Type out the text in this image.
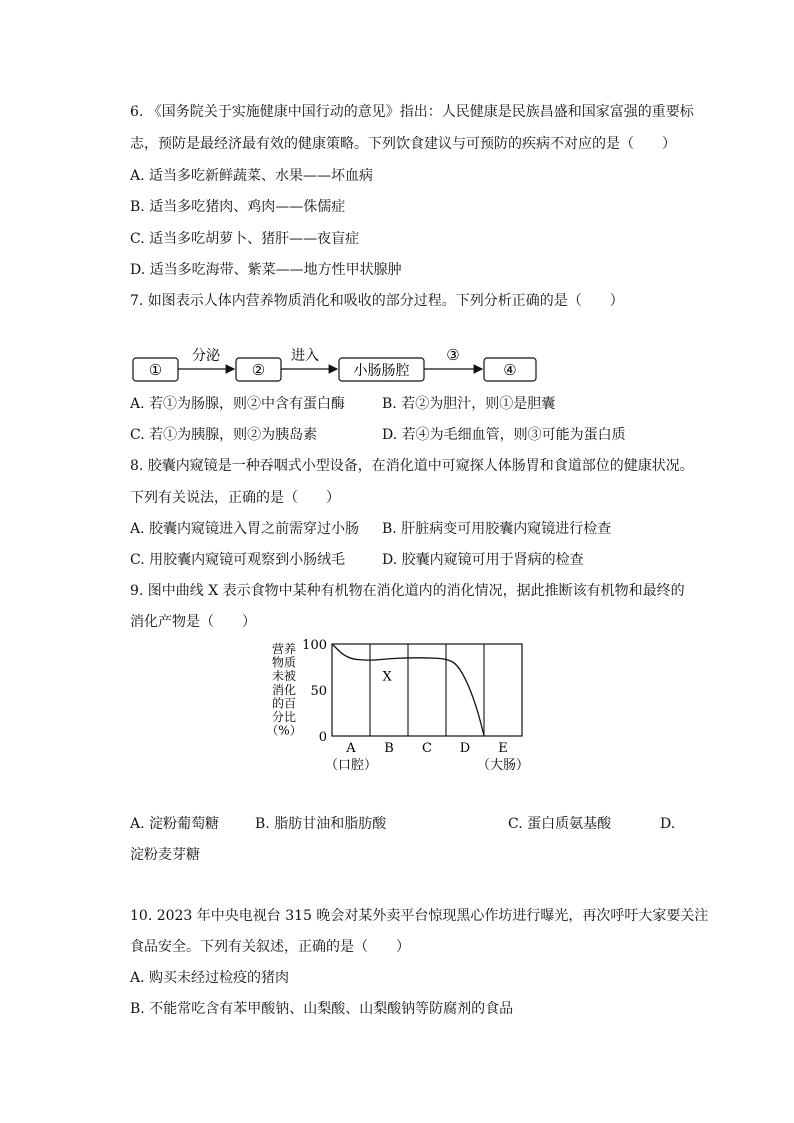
6. 《国务院关于实施健康中国行动的意见》指出：人民健康是民族昌盛和国家富强的重要标
志，预防是最经济最有效的健康策略。下列饮食建议与可预防的疾病不对应的是（　　）
A. 适当多吃新鲜蔬菜、水果——坏血病
B. 适当多吃猪肉、鸡肉——侏儒症
C. 适当多吃胡萝卜、猪肝——夜盲症
D. 适当多吃海带、紫菜——地方性甲状腺肿
7. 如图表示人体内营养物质消化和吸收的部分过程。下列分析正确的是（　　）
①
分泌
②
进入
小肠肠腔
③
④
A. 若①为肠腺，则②中含有蛋白酶	B. 若②为胆汁，则①是胆囊
C. 若①为胰腺，则②为胰岛素	D. 若④为毛细血管，则③可能为蛋白质
8. 胶囊内窥镜是一种吞咽式小型设备，在消化道中可窥探人体肠胃和食道部位的健康状况。
下列有关说法，正确的是（　　）
A. 胶囊内窥镜进入胃之前需穿过小肠 B. 肝脏病变可用胶囊内窥镜进行检查
C. 用胶囊内窥镜可观察到小肠绒毛	D. 胶囊内窥镜可用于肾病的检查
9. 图中曲线 X 表示食物中某种有机物在消化道内的消化情况，据此推断该有机物和最终的
消化产物是（　　）
100
50
0
营养
物质
未被
消化
的百
分比
（%）
A
（口腔）
B C D E
（大肠）
X
A. 淀粉葡萄糖	B. 脂肪甘油和脂肪酸	C. 蛋白质氨基酸	D.
淀粉麦芽糖
10. 2023 年中央电视台 315 晚会对某外卖平台惊现黑心作坊进行曝光，再次呼吁大家要关注
食品安全。下列有关叙述，正确的是（　　）
A. 购买未经过检疫的猪肉
B. 不能常吃含有苯甲酸钠、山梨酸、山梨酸钠等防腐剂的食品
